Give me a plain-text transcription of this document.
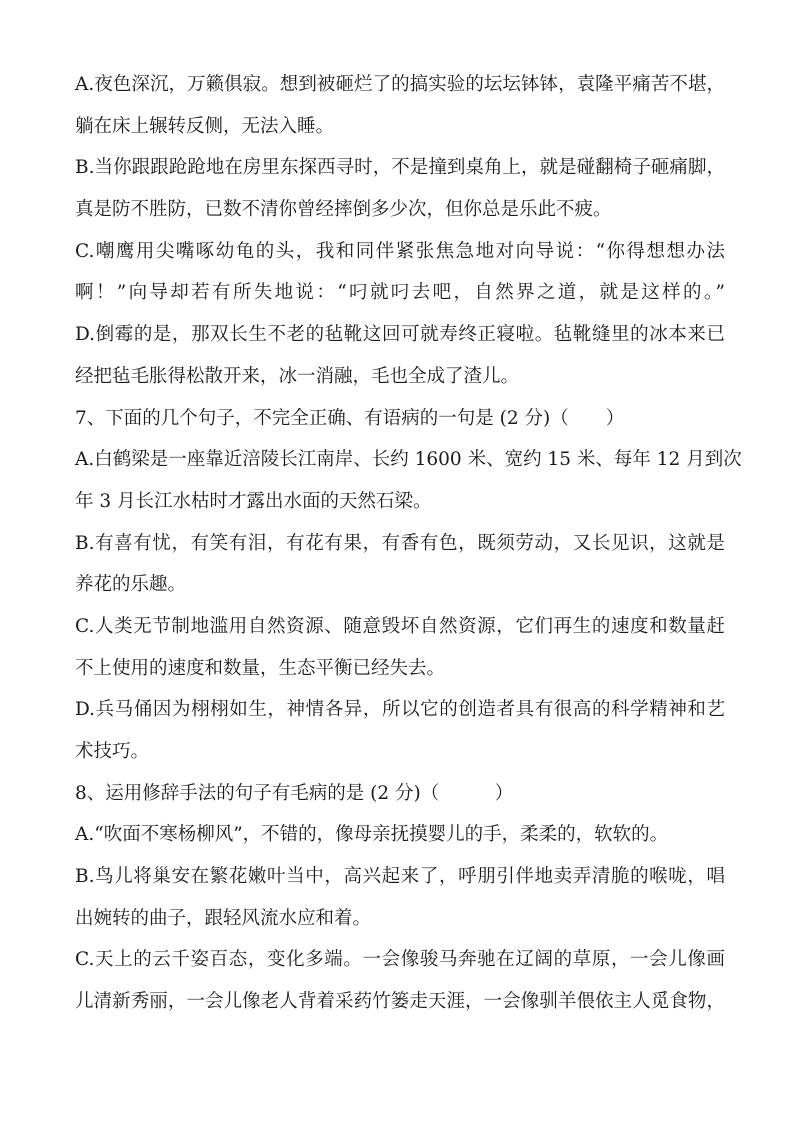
A.夜色深沉，万籁俱寂。想到被砸烂了的搞实验的坛坛钵钵，袁隆平痛苦不堪，
躺在床上辗转反侧，无法入睡。
B.当你跟跟跄跄地在房里东探西寻时，不是撞到桌角上，就是碰翻椅子砸痛脚，
真是防不胜防，已数不清你曾经摔倒多少次，但你总是乐此不疲。
C.嘲鹰用尖嘴啄幼龟的头，我和同伴紧张焦急地对向导说：“你得想想办法
啊！”向导却若有所失地说：“叼就叼去吧，自然界之道，就是这样的。”
D.倒霉的是，那双长生不老的毡靴这回可就寿终正寝啦。毡靴缝里的冰本来已
经把毡毛胀得松散开来，冰一消融，毛也全成了渣儿。
7、下面的几个句子，不完全正确、有语病的一句是 (2 分)（　　）
A.白鹤梁是一座靠近涪陵长江南岸、长约 1600 米、宽约 15 米、每年 12 月到次
年 3 月长江水枯时才露出水面的天然石梁。
B.有喜有忧，有笑有泪，有花有果，有香有色，既须劳动，又长见识，这就是
养花的乐趣。
C.人类无节制地滥用自然资源、随意毁坏自然资源，它们再生的速度和数量赶
不上使用的速度和数量，生态平衡已经失去。
D.兵马俑因为栩栩如生，神情各异，所以它的创造者具有很高的科学精神和艺
术技巧。
8、运用修辞手法的句子有毛病的是 (2 分)（　　　）
A.“吹面不寒杨柳风”，不错的，像母亲抚摸婴儿的手，柔柔的，软软的。
B.鸟儿将巢安在繁花嫩叶当中，高兴起来了，呼朋引伴地卖弄清脆的喉咙，唱
出婉转的曲子，跟轻风流水应和着。
C.天上的云千姿百态，变化多端。一会像骏马奔驰在辽阔的草原，一会儿像画
儿清新秀丽，一会儿像老人背着采药竹篓走天涯，一会像驯羊偎依主人觅食物，
